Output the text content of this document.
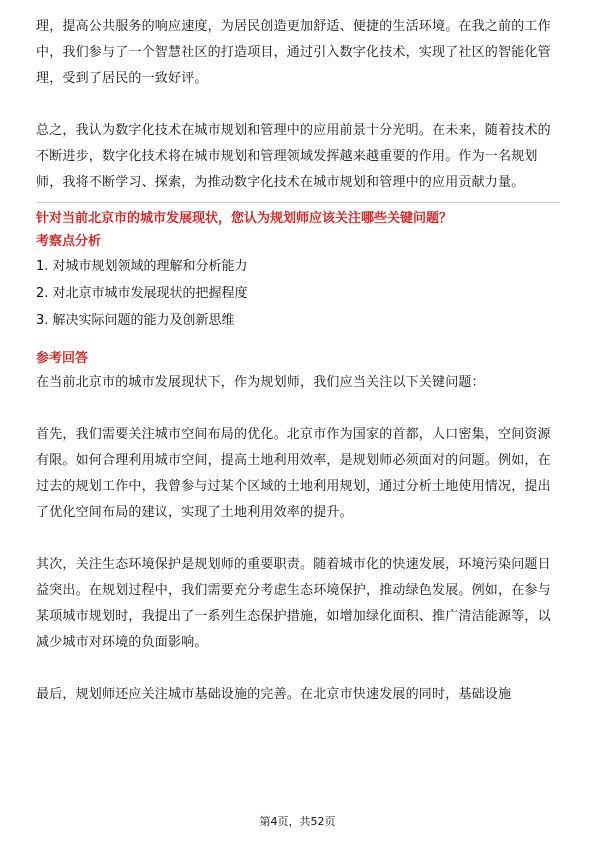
理，提高公共服务的响应速度，为居民创造更加舒适、便捷的生活环境。在我之前的工作中，我们参与了一个智慧社区的打造项目，通过引入数字化技术，实现了社区的智能化管理，受到了居民的一致好评。

总之，我认为数字化技术在城市规划和管理中的应用前景十分光明。在未来，随着技术的不断进步，数字化技术将在城市规划和管理领域发挥越来越重要的作用。作为一名规划师，我将不断学习、探索，为推动数字化技术在城市规划和管理中的应用贡献力量。

针对当前北京市的城市发展现状，您认为规划师应该关注哪些关键问题？
考察点分析
1. 对城市规划领域的理解和分析能力
2. 对北京市城市发展现状的把握程度
3. 解决实际问题的能力及创新思维
参考回答

在当前北京市的城市发展现状下，作为规划师，我们应当关注以下关键问题：

首先，我们需要关注城市空间布局的优化。北京市作为国家的首都，人口密集，空间资源有限。如何合理利用城市空间，提高土地利用效率，是规划师必须面对的问题。例如，在过去的规划工作中，我曾参与过某个区域的土地利用规划，通过分析土地使用情况，提出了优化空间布局的建议，实现了土地利用效率的提升。

其次，关注生态环境保护是规划师的重要职责。随着城市化的快速发展，环境污染问题日益突出。在规划过程中，我们需要充分考虑生态环境保护，推动绿色发展。例如，在参与某项城市规划时，我提出了一系列生态保护措施，如增加绿化面积、推广清洁能源等，以减少城市对环境的负面影响。

最后，规划师还应关注城市基础设施的完善。在北京市快速发展的同时，基础设施

第4页，共52页
